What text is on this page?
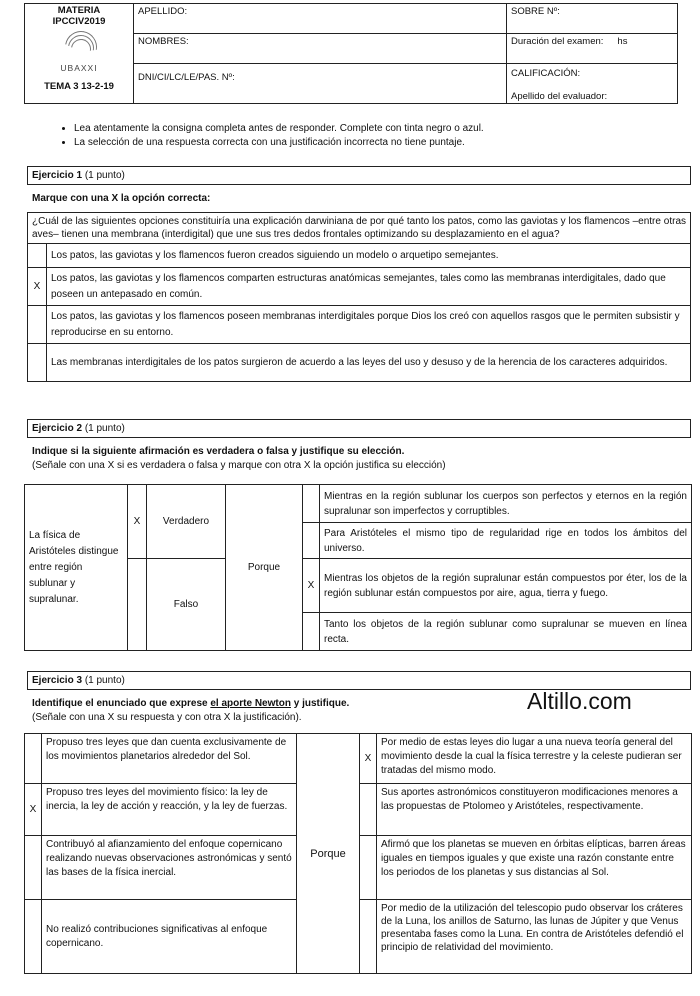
MATERIA
IPCCIV2019
UBAXXI
TEMA 3 13-2-19	APELLIDO:	SOBRE Nº:
	NOMBRES:	Duración del examen: hs
	DNI/CI/LC/LE/PAS. Nº:	CALIFICACIÓN:
Apellido del evaluador:
• Lea atentamente la consigna completa antes de responder. Complete con tinta negro o azul.
• La selección de una respuesta correcta con una justificación incorrecta no tiene puntaje.
Ejercicio 1 (1 punto)
Marque con una X la opción correcta:
¿Cuál de las siguientes opciones constituiría una explicación darwiniana de por qué tanto los patos, como las gaviotas y los flamencos –entre otras aves– tienen una membrana (interdigital) que une sus tres dedos frontales optimizando su desplazamiento en el agua?	
	Los patos, las gaviotas y los flamencos fueron creados siguiendo un modelo o arquetipo semejantes.
X	Los patos, las gaviotas y los flamencos comparten estructuras anatómicas semejantes, tales como las membranas interdigitales, dado que poseen un antepasado en común.
	Los patos, las gaviotas y los flamencos poseen membranas interdigitales porque Dios los creó con aquellos rasgos que le permiten subsistir y reproducirse en su entorno.
	Las membranas interdigitales de los patos surgieron de acuerdo a las leyes del uso y desuso y de la herencia de los caracteres adquiridos.
Ejercicio 2 (1 punto)
Indique si la siguiente afirmación es verdadera o falsa y justifique su elección.
(Señale con una X si es verdadera o falsa y marque con otra X la opción justifica su elección)
La física de Aristóteles distingue entre región sublunar y supralunar.	X	Verdadero	Porque		Mientras en la región sublunar los cuerpos son perfectos y eternos en la región supralunar son imperfectos y corruptibles.
					Para Aristóteles el mismo tipo de regularidad rige en todos los ámbitos del universo.
		Falso		X	Mientras los objetos de la región supralunar están compuestos por éter, los de la región sublunar están compuestos por aire, agua, tierra y fuego.
					Tanto los objetos de la región sublunar como supralunar se mueven en línea recta.
Ejercicio 3 (1 punto)
Identifique el enunciado que exprese el aporte Newton y justifique.
(Señale con una X su respuesta y con otra X la justificación).
Altillo.com
	Propuso tres leyes que dan cuenta exclusivamente de los movimientos planetarios alrededor del Sol.	Porque	X	Por medio de estas leyes dio lugar a una nueva teoría general del movimiento desde la cual la física terrestre y la celeste pudieran ser tratadas del mismo modo.
X	Propuso tres leyes del movimiento físico: la ley de inercia, la ley de acción y reacción, y la ley de fuerzas.			Sus aportes astronómicos constituyeron modificaciones menores a las propuestas de Ptolomeo y Aristóteles, respectivamente.
	Contribuyó al afianzamiento del enfoque copernicano realizando nuevas observaciones astronómicas y sentó las bases de la física inercial.			Afirmó que los planetas se mueven en órbitas elípticas, barren áreas iguales en tiempos iguales y que existe una razón constante entre los periodos de los planetas y sus distancias al Sol.
	No realizó contribuciones significativas al enfoque copernicano.			Por medio de la utilización del telescopio pudo observar los cráteres de la Luna, los anillos de Saturno, las lunas de Júpiter y que Venus presentaba fases como la Luna. En contra de Aristóteles defendió el principio de relatividad del movimiento.
